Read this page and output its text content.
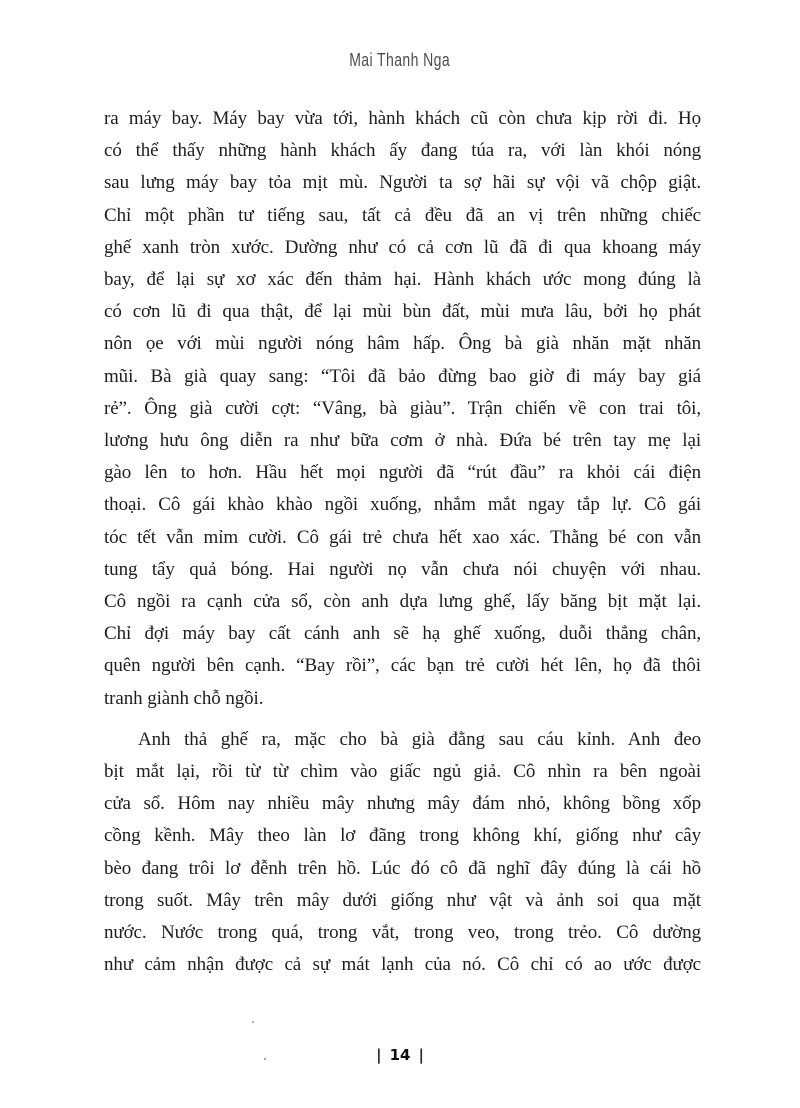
Mai Thanh Nga
ra máy bay. Máy bay vừa tới, hành khách cũ còn chưa kịp rời đi. Họ
có thể thấy những hành khách ấy đang túa ra, với làn khói nóng
sau lưng máy bay tỏa mịt mù. Người ta sợ hãi sự vội vã chộp giật.
Chỉ một phần tư tiếng sau, tất cả đều đã an vị trên những chiếc
ghế xanh tròn xước. Dường như có cả cơn lũ đã đi qua khoang máy
bay, để lại sự xơ xác đến thảm hại. Hành khách ước mong đúng là
có cơn lũ đi qua thật, để lại mùi bùn đất, mùi mưa lâu, bởi họ phát
nôn ọe với mùi người nóng hâm hấp. Ông bà già nhăn mặt nhăn
mũi. Bà già quay sang: “Tôi đã bảo đừng bao giờ đi máy bay giá
rẻ”. Ông già cười cợt: “Vâng, bà giàu”. Trận chiến về con trai tôi,
lương hưu ông diễn ra như bữa cơm ở nhà. Đứa bé trên tay mẹ lại
gào lên to hơn. Hầu hết mọi người đã “rút đầu” ra khỏi cái điện
thoại. Cô gái khào khào ngồi xuống, nhắm mắt ngay tắp lự. Cô gái
tóc tết vẫn mỉm cười. Cô gái trẻ chưa hết xao xác. Thằng bé con vẫn
tung tẩy quả bóng. Hai người nọ vẫn chưa nói chuyện với nhau.
Cô ngồi ra cạnh cửa sổ, còn anh dựa lưng ghế, lấy băng bịt mặt lại.
Chỉ đợi máy bay cất cánh anh sẽ hạ ghế xuống, duỗi thẳng chân,
quên người bên cạnh. “Bay rồi”, các bạn trẻ cười hét lên, họ đã thôi
tranh giành chỗ ngồi.
Anh thả ghế ra, mặc cho bà già đằng sau cáu kỉnh. Anh đeo
bịt mắt lại, rồi từ từ chìm vào giấc ngủ giả. Cô nhìn ra bên ngoài
cửa sổ. Hôm nay nhiều mây nhưng mây đám nhỏ, không bồng xốp
cồng kềnh. Mây theo làn lơ đãng trong không khí, giống như cây
bèo đang trôi lơ đễnh trên hồ. Lúc đó cô đã nghĩ đây đúng là cái hồ
trong suốt. Mây trên mây dưới giống như vật và ảnh soi qua mặt
nước. Nước trong quá, trong vắt, trong veo, trong trẻo. Cô dường
như cảm nhận được cả sự mát lạnh của nó. Cô chỉ có ao ước được
| 14 |
